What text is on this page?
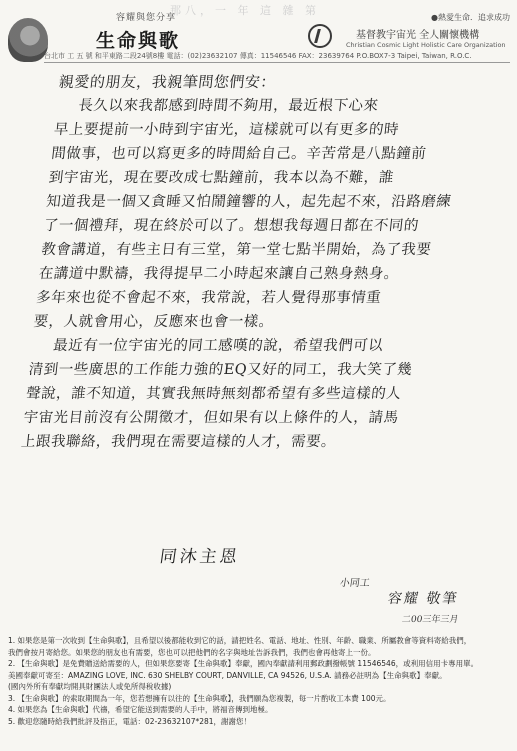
容耀與您分享
生命與歌
那八，一 年 這 雜 第
●熱愛生命．追求成功
基督教宇宙光 全人關懷機構
Christian Cosmic Light Holistic Care Organization
台北市 工 五 號 和平東路二段24號8樓 電話：(02)23632107 傳真：11546546 FAX：23639764 P.O.BOX7-3 Taipei, Taiwan, R.O.C.

親愛的朋友，我親筆問您們安：

長久以來我都感到時間不夠用，最近根下心來

早上要提前一小時到宇宙光，這樣就可以有更多的時

間做事，也可以寫更多的時間給自己。辛苦常是八點鐘前

到宇宙光，現在要改成七點鐘前，我本以為不難，誰

知道我是一個又貪睡又怕鬧鐘響的人，起先起不來，沿路磨練

了一個禮拜，現在終於可以了。想想我每週日都在不同的

教會講道，有些主日有三堂，第一堂七點半開始，為了我要

在講道中默禱，我得提早二小時起來讓自己熟身熱身。

多年來也從不會起不來，我常說，若人覺得那事情重

要，人就會用心，反應來也會一樣。

最近有一位宇宙光的同工感嘆的說，希望我們可以

清到一些廣思的工作能力強的EQ又好的同工，我大笑了幾

聲說，誰不知道，其實我無時無刻都希望有多些這樣的人

宇宙光目前沒有公開徵才，但如果有以上條件的人，請馬

上跟我聯絡，我們現在需要這樣的人才，需要。

同沐主恩
小同工
容耀 敬筆
二00三年三月
1. 如果您是第一次收到【生命與歌】，且希望以後都能收到它的話，請把姓名、電話、地址、性別、年齡、職業、所屬教會等資料寄給我們，
我們會按月寄給您。如果您的朋友也有需要，您也可以把他們的名字與地址告訴我們，我們也會再他寄上一份。
2. 【生命與歌】是免費贈送給需要的人，但如果您要寄【生命與歌】奉獻，國內奉獻請利用郵政劃撥帳號 11546546，或利用信用卡專用單。
美國奉獻可寄至：AMAZING LOVE, INC. 630 SHELBY COURT, DANVILLE, CA 94526, U.S.A. 請務必註明為【生命與歌】奉獻。
(國內外所有奉獻均開具財團法人或免所得稅收據)
3. 【生命與歌】的索取期間為一年，您若想擁有以往的【生命與歌】，我們願為您複製，每一片酌收工本費 100元。
4. 如果您為【生命與歌】代禱，希望它能送到需要的人手中，將福音傳到地極。
5. 歡迎您隨時給我們批評及指正，電話：02-23632107*281，謝謝您！
